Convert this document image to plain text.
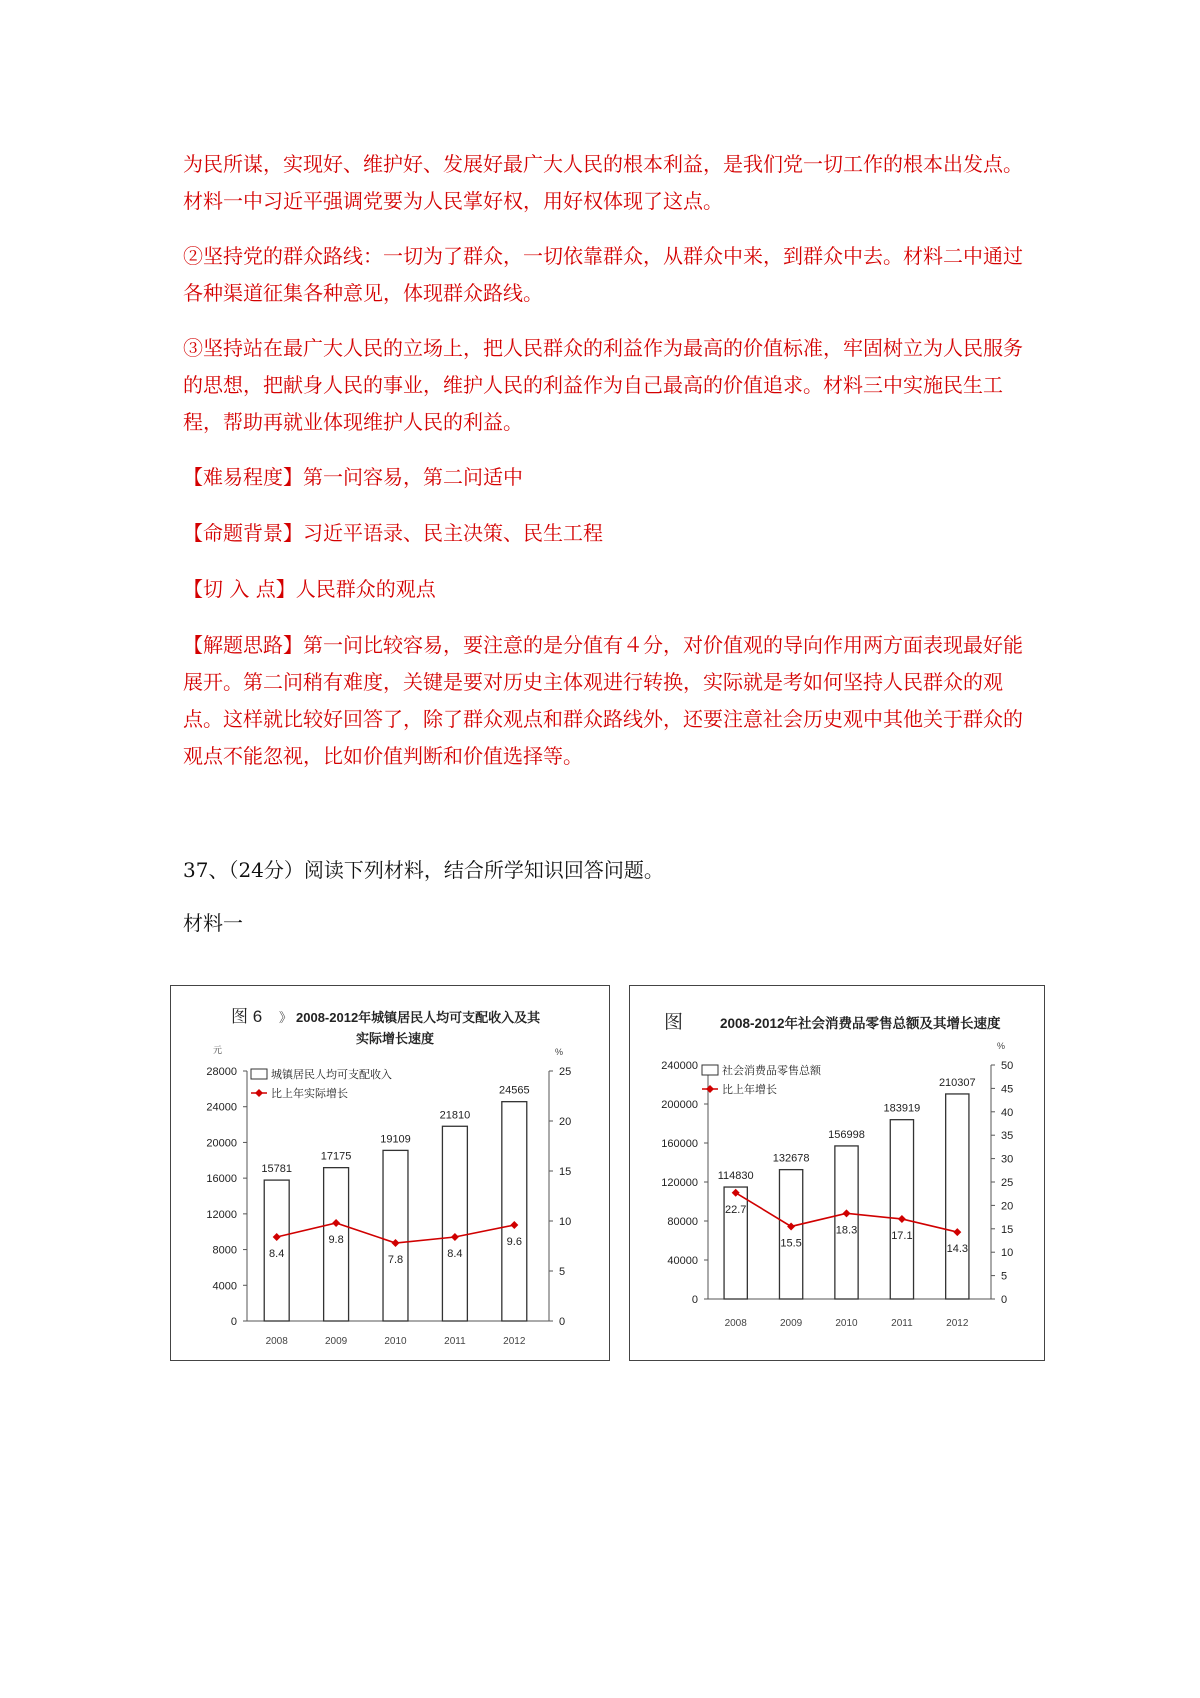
为民所谋，实现好、维护好、发展好最广大人民的根本利益，是我们党一切工作的根本出发点。材料一中习近平强调党要为人民掌好权，用好权体现了这点。

②坚持党的群众路线：一切为了群众，一切依靠群众，从群众中来，到群众中去。材料二中通过各种渠道征集各种意见，体现群众路线。

③坚持站在最广大人民的立场上，把人民群众的利益作为最高的价值标准，牢固树立为人民服务的思想，把献身人民的事业，维护人民的利益作为自己最高的价值追求。材料三中实施民生工程，帮助再就业体现维护人民的利益。

【难易程度】第一问容易，第二问适中

【命题背景】习近平语录、民主决策、民生工程

【切 入 点】人民群众的观点

【解题思路】第一问比较容易，要注意的是分值有４分，对价值观的导向作用两方面表现最好能展开。第二问稍有难度，关键是要对历史主体观进行转换，实际就是考如何坚持人民群众的观点。这样就比较好回答了，除了群众观点和群众路线外，还要注意社会历史观中其他关于群众的观点不能忽视，比如价值判断和价值选择等。

37、（24分）阅读下列材料，结合所学知识回答问题。

材料一

图 6 》 2008-2012年城镇居民人均可支配收入及其
实际增长速度
元	%
0
4000
8000
12000
16000
20000
24000
28000
0
5
10
15
20
25
15781
17175
19109
21810
24565
8.4
9.8
7.8	8.4
9.6
2008	2009	2010	2011	2012
城镇居民人均可支配收入
比上年实际增长
图	2008-2012年社会消费品零售总额及其增长速度
%
0
40000
80000
120000
160000
200000
240000
0
5
10
15
20
25
30
35
40
45
50
114830
132678
156998
183919
210307
22.7
15.5
18.3	17.1
14.3
2008	2009	2010	2011	2012
社会消费品零售总额
比上年增长
